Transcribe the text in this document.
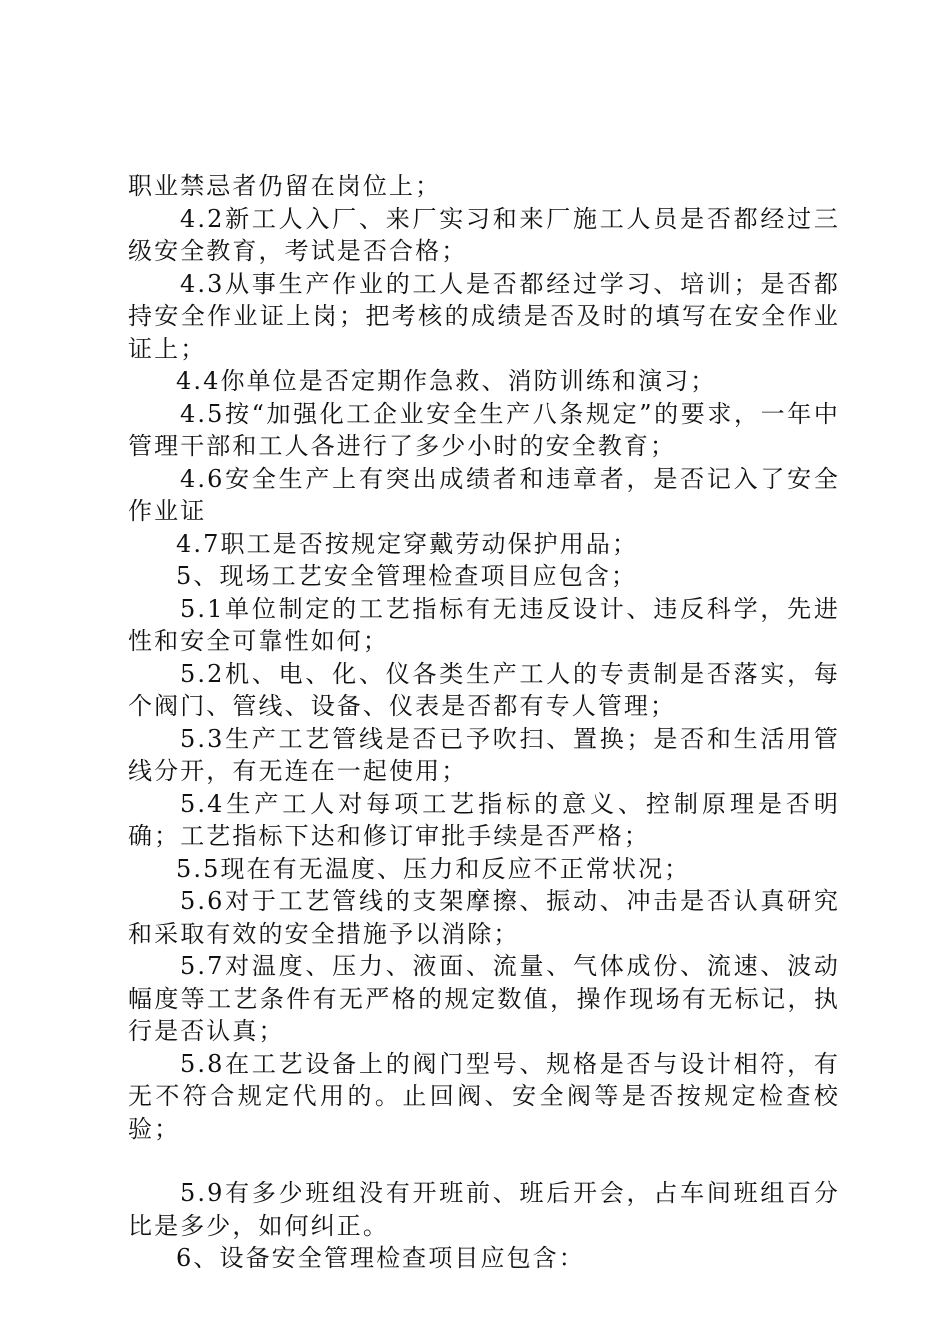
职业禁忌者仍留在岗位上；

4.2新工人入厂、来厂实习和来厂施工人员是否都经过三级安全教育，考试是否合格；

4.3从事生产作业的工人是否都经过学习、培训；是否都持安全作业证上岗；把考核的成绩是否及时的填写在安全作业证上；

4.4你单位是否定期作急救、消防训练和演习；

4.5按“加强化工企业安全生产八条规定”的要求，一年中管理干部和工人各进行了多少小时的安全教育；

4.6安全生产上有突出成绩者和违章者，是否记入了安全作业证

4.7职工是否按规定穿戴劳动保护用品；

5、现场工艺安全管理检查项目应包含；

5.1单位制定的工艺指标有无违反设计、违反科学，先进性和安全可靠性如何；

5.2机、电、化、仪各类生产工人的专责制是否落实，每个阀门、管线、设备、仪表是否都有专人管理；

5.3生产工艺管线是否已予吹扫、置换；是否和生活用管线分开，有无连在一起使用；

5.4生产工人对每项工艺指标的意义、控制原理是否明确；工艺指标下达和修订审批手续是否严格；

5.5现在有无温度、压力和反应不正常状况；

5.6对于工艺管线的支架摩擦、振动、冲击是否认真研究和采取有效的安全措施予以消除；

5.7对温度、压力、液面、流量、气体成份、流速、波动幅度等工艺条件有无严格的规定数值，操作现场有无标记，执行是否认真；

5.8在工艺设备上的阀门型号、规格是否与设计相符，有无不符合规定代用的。止回阀、安全阀等是否按规定检查校验；

5.9有多少班组没有开班前、班后开会，占车间班组百分比是多少，如何纠正。

6、设备安全管理检查项目应包含：
